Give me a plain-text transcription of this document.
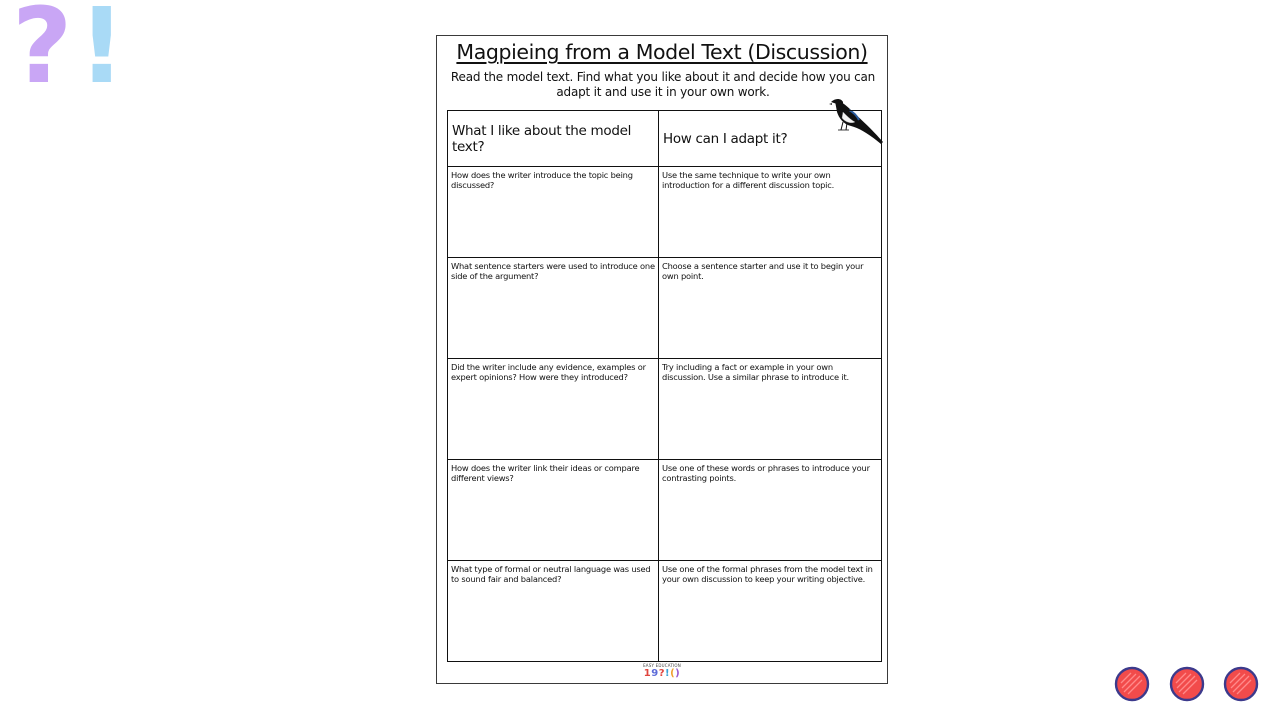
? !	Magpieing from a Model Text (Discussion)
Read the model text. Find what you like about it and decide how you can adapt it and use it in your own work.
What I like about the model text?	How can I adapt it?
How does the writer introduce the topic being discussed?
Use the same technique to write your own introduction for a different discussion topic.
What sentence starters were used to introduce one side of the argument?
Choose a sentence starter and use it to begin your own point.
Did the writer include any evidence, examples or expert opinions? How were they introduced?
Try including a fact or example in your own discussion. Use a similar phrase to introduce it.
How does the writer link their ideas or compare different views?
Use one of these words or phrases to introduce your contrasting points.
What type of formal or neutral language was used to sound fair and balanced?
Use one of the formal phrases from the model text in your own discussion to keep your writing objective.
EASY EDUCATION
19?!()
